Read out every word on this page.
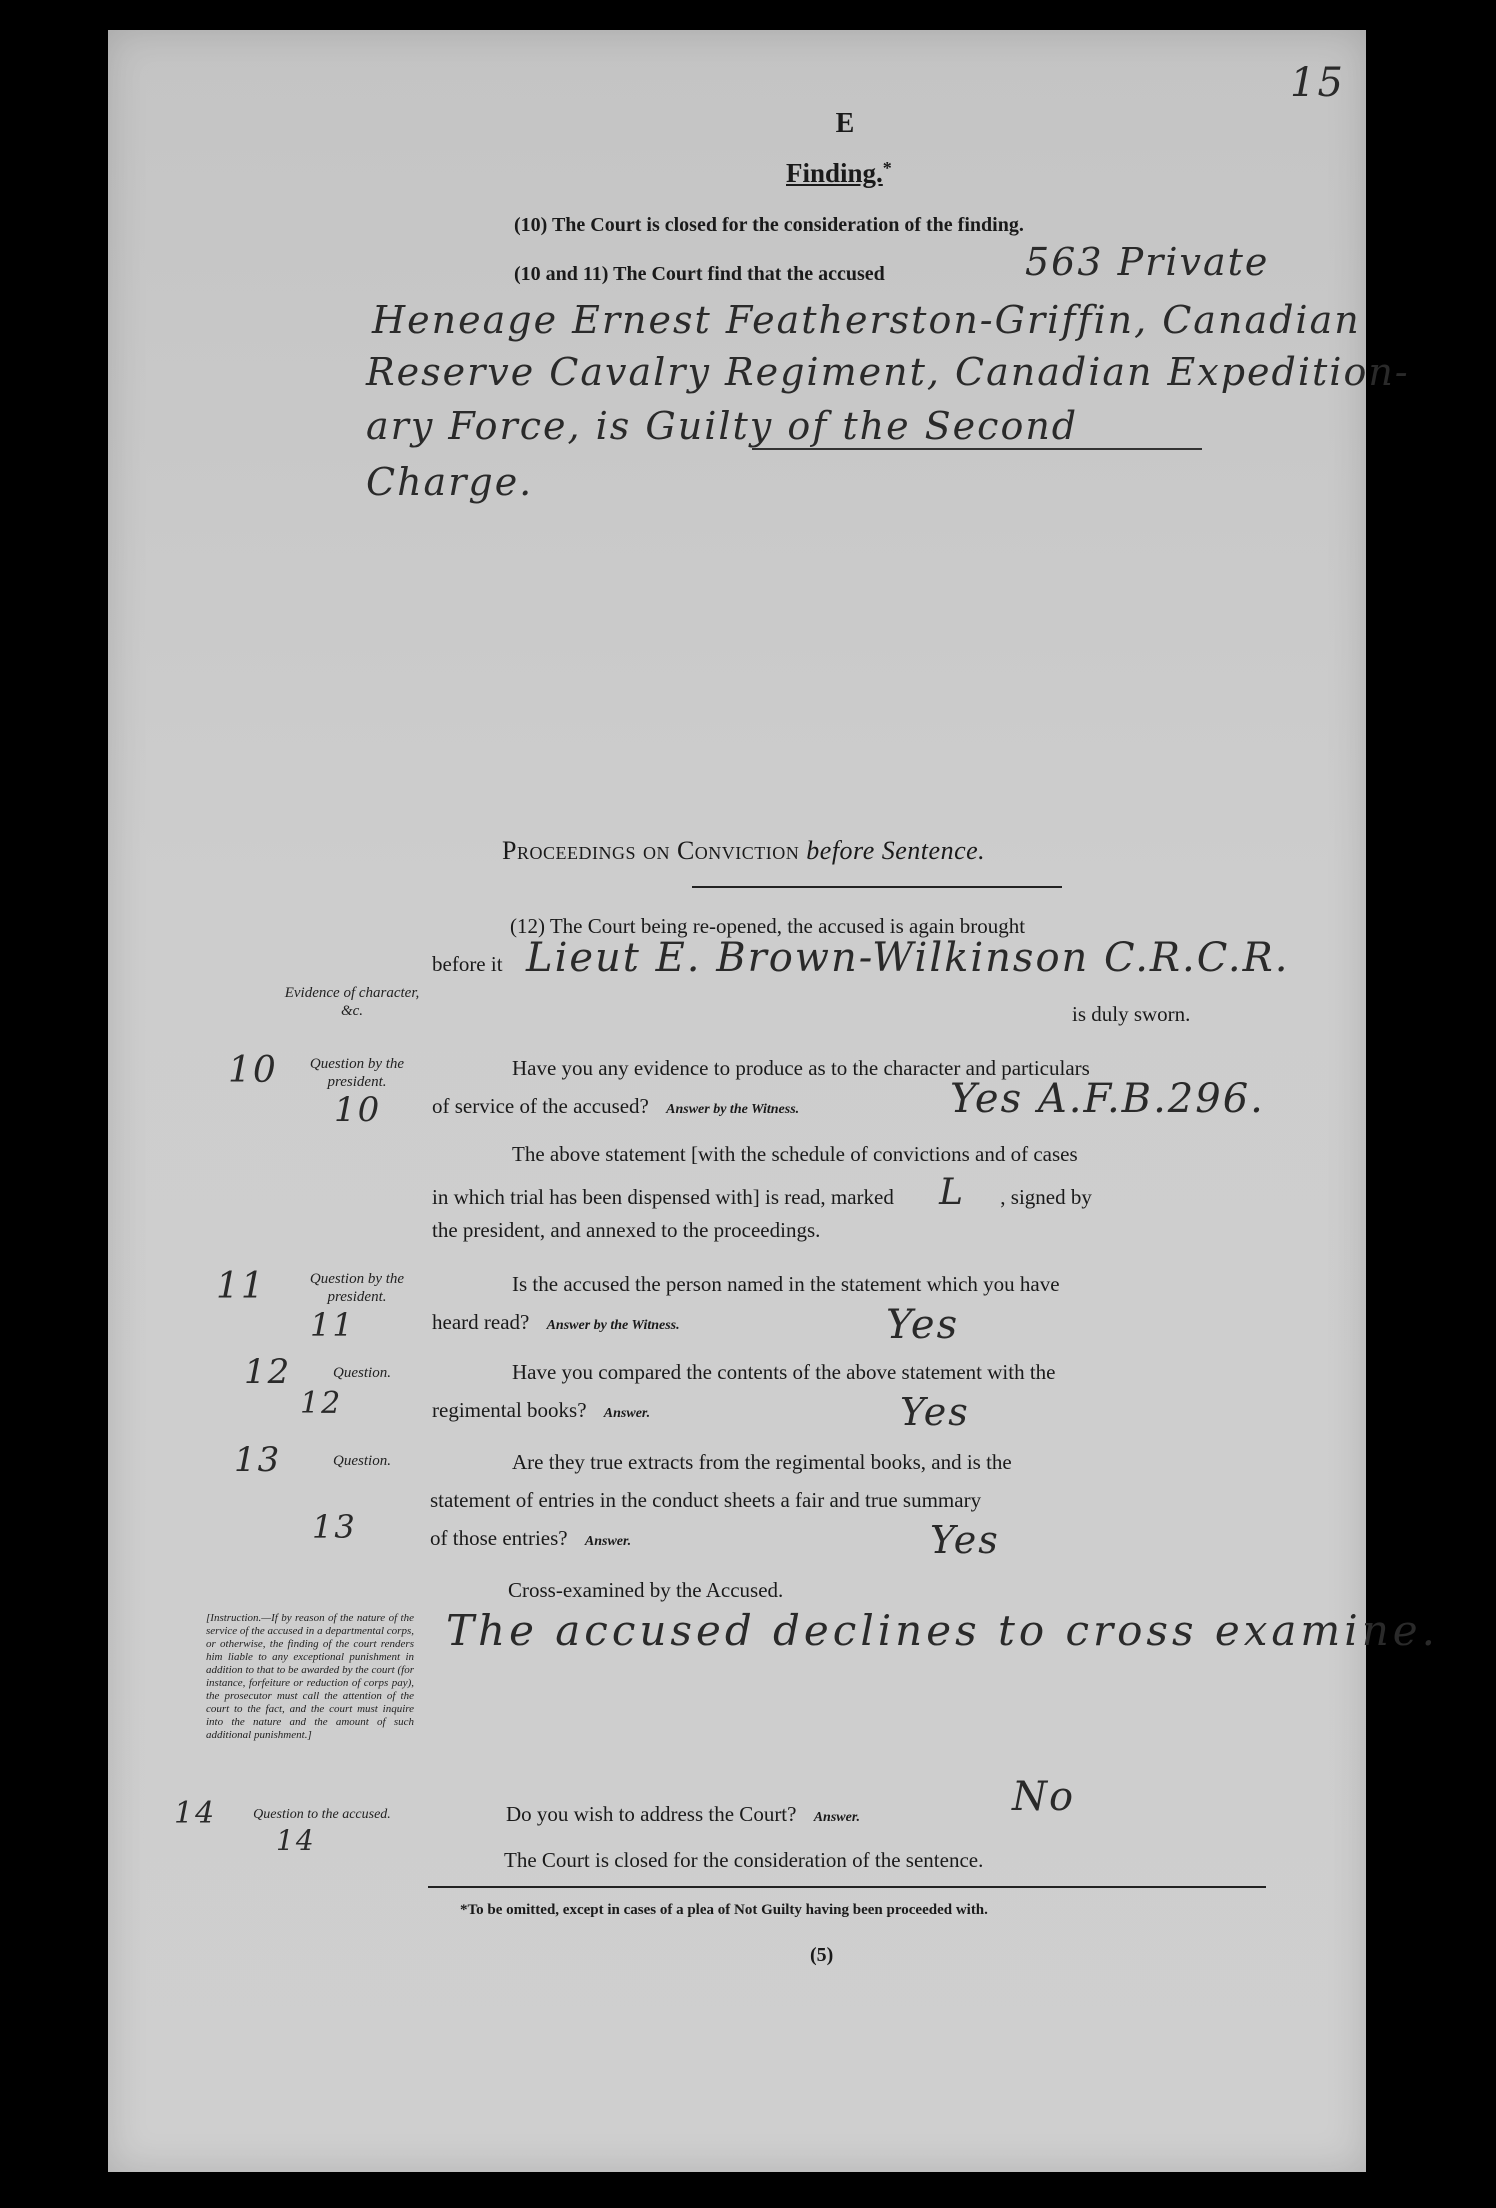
15
E
Finding.*
(10) The Court is closed for the consideration of the finding.
(10 and 11) The Court find that the accused	563 Private
Heneage Ernest Featherston-Griffin, Canadian
Reserve Cavalry Regiment, Canadian Expedition-
ary Force, is Guilty of the Second
Charge.
Proceedings on Conviction before Sentence.
(12) The Court being re-opened, the accused is again brought
before it Lieut E. Brown-Wilkinson C.R.C.R.
Evidence of character, &c.	is duly sworn.
10
10
Question by the president.
Have you any evidence to produce as to the character and particulars
of service of the accused? Answer by the Witness.	Yes A.F.B.296.
The above statement [with the schedule of convictions and of cases
in which trial has been dispensed with] is read, marked L , signed by
the president, and annexed to the proceedings.
11
11
Question by the president.
Is the accused the person named in the statement which you have
heard read? Answer by the Witness.	Yes
12
12
Question.	Have you compared the contents of the above statement with the
regimental books? Answer.	Yes
13
13
Question.	Are they true extracts from the regimental books, and is the
statement of entries in the conduct sheets a fair and true summary
of those entries? Answer.	Yes
Cross-examined by the Accused.
The accused declines to cross examine.
[Instruction.—If by reason of the nature of the service of the accused in a departmental corps, or otherwise, the finding of the court renders him liable to any exceptional punishment in addition to that to be awarded by the court (for instance, forfeiture or reduction of corps pay), the prosecutor must call the attention of the court to the fact, and the court must inquire into the nature and the amount of such additional punishment.]
14
14
Question to the accused.	Do you wish to address the Court? Answer.	No
The Court is closed for the consideration of the sentence.
*To be omitted, except in cases of a plea of Not Guilty having been proceeded with.
(5)
